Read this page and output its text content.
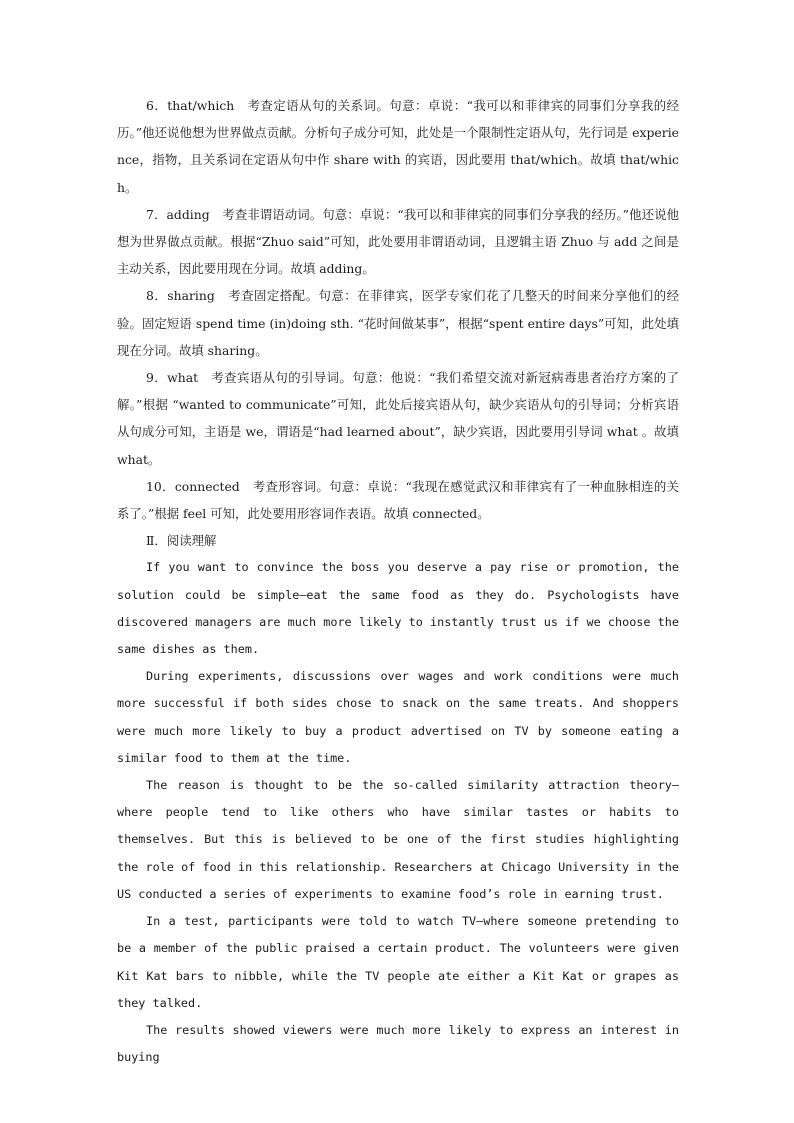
6．that/which　考查定语从句的关系词。句意：卓说：“我可以和菲律宾的同事们分享我的经历。”他还说他想为世界做点贡献。分析句子成分可知，此处是一个限制性定语从句，先行词是 experience，指物，且关系词在定语从句中作 share with 的宾语，因此要用 that/which。故填 that/which。

7．adding　考查非谓语动词。句意：卓说：“我可以和菲律宾的同事们分享我的经历。”他还说他想为世界做点贡献。根据“Zhuo said”可知，此处要用非谓语动词，且逻辑主语 Zhuo 与 add 之间是主动关系，因此要用现在分词。故填 adding。

8．sharing　考查固定搭配。句意：在菲律宾，医学专家们花了几整天的时间来分享他们的经验。固定短语 spend time (in)doing sth. “花时间做某事”，根据“spent entire days”可知，此处填现在分词。故填 sharing。

9．what　考查宾语从句的引导词。句意：他说：“我们希望交流对新冠病毒患者治疗方案的了解。”根据 “wanted to communicate”可知，此处后接宾语从句，缺少宾语从句的引导词；分析宾语从句成分可知，主语是 we，谓语是“had learned about”，缺少宾语，因此要用引导词 what 。故填 what。

10．connected　考查形容词。句意：卓说：“我现在感觉武汉和菲律宾有了一种血脉相连的关系了。”根据 feel 可知，此处要用形容词作表语。故填 connected。

Ⅱ．阅读理解

If you want to convince the boss you deserve a pay rise or promotion, the solution could be simple—eat the same food as they do. Psychologists have discovered managers are much more likely to instantly trust us if we choose the same dishes as them.

During experiments, discussions over wages and work conditions were much more successful if both sides chose to snack on the same treats. And shoppers were much more likely to buy a product advertised on TV by someone eating a similar food to them at the time.

The reason is thought to be the so-called similarity attraction theory—where people tend to like others who have similar tastes or habits to themselves. But this is believed to be one of the first studies highlighting the role of food in this relationship. Researchers at Chicago University in the US conducted a series of experiments to examine food’s role in earning trust.

In a test, participants were told to watch TV—where someone pretending to be a member of the public praised a certain product. The volunteers were given Kit Kat bars to nibble, while the TV people ate either a Kit Kat or grapes as they talked.

The results showed viewers were much more likely to express an interest in buying
